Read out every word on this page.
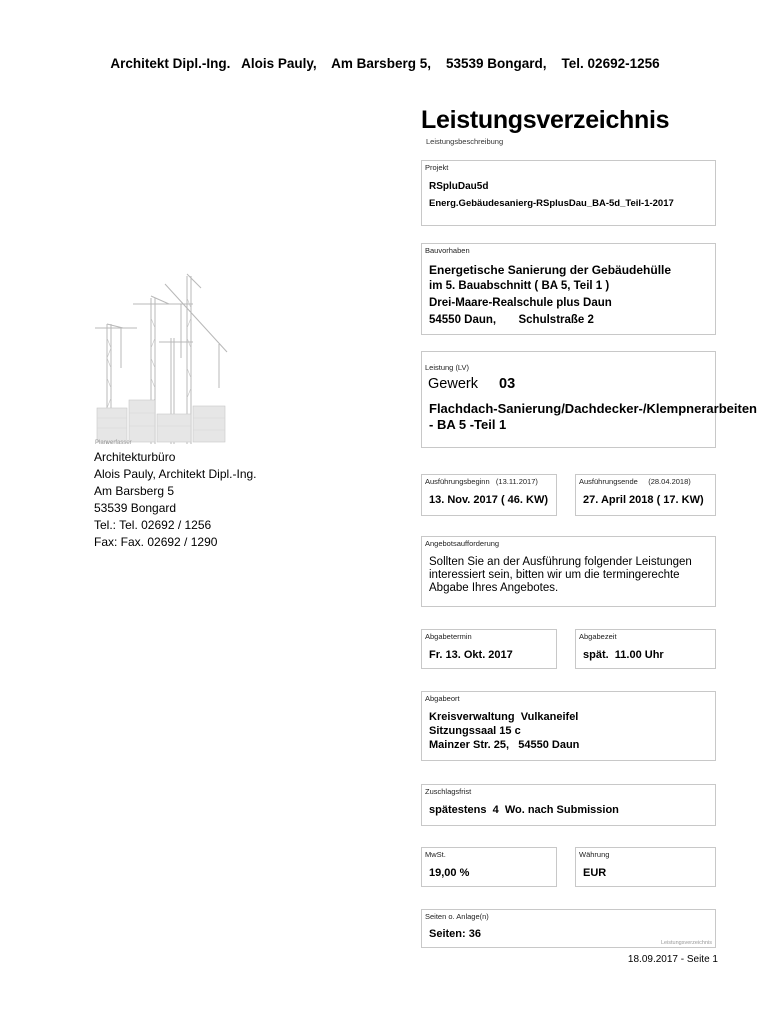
Architekt Dipl.-Ing.   Alois Pauly, Am Barsberg 5, 53539 Bongard, Tel. 02692-1256
Leistungsverzeichnis
Leistungsbeschreibung
Projekt
RSpluDau5d
Energ.Gebäudesanierg-RSplusDau_BA-5d_Teil-1-2017
Bauvorhaben
Energetische Sanierung der Gebäudehülle
im 5. Bauabschnitt ( BA 5, Teil 1 )
Drei-Maare-Realschule plus Daun
54550 Daun,       Schulstraße 2
Leistung (LV)
Gewerk 03
Flachdach-Sanierung/Dachdecker-/Klempnerarbeiten
- BA 5 -Teil 1
Ausführungsbeginn (13.11.2017)
13. Nov. 2017 ( 46. KW)
Ausführungsende (28.04.2018)
27. April 2018 ( 17. KW)
Angebotsaufforderung
Sollten Sie an der Ausführung folgender Leistungen
interessiert sein, bitten wir um die termingerechte
Abgabe Ihres Angebotes.
Abgabetermin
Fr. 13. Okt. 2017
Abgabezeit
spät.  11.00 Uhr
Abgabeort
Kreisverwaltung  Vulkaneifel
Sitzungssaal 15 c
Mainzer Str. 25,   54550 Daun
Zuschlagsfrist
spätestens  4  Wo. nach Submission
MwSt.
19,00 %
Währung
EUR
Seiten o. Anlage(n)
Seiten: 36
Leistungsverzeichnis
18.09.2017 - Seite 1
Planverfasser
Architekturbüro
Alois Pauly, Architekt Dipl.-Ing.
Am Barsberg 5
53539 Bongard
Tel.: Tel. 02692 / 1256
Fax: Fax. 02692 / 1290
